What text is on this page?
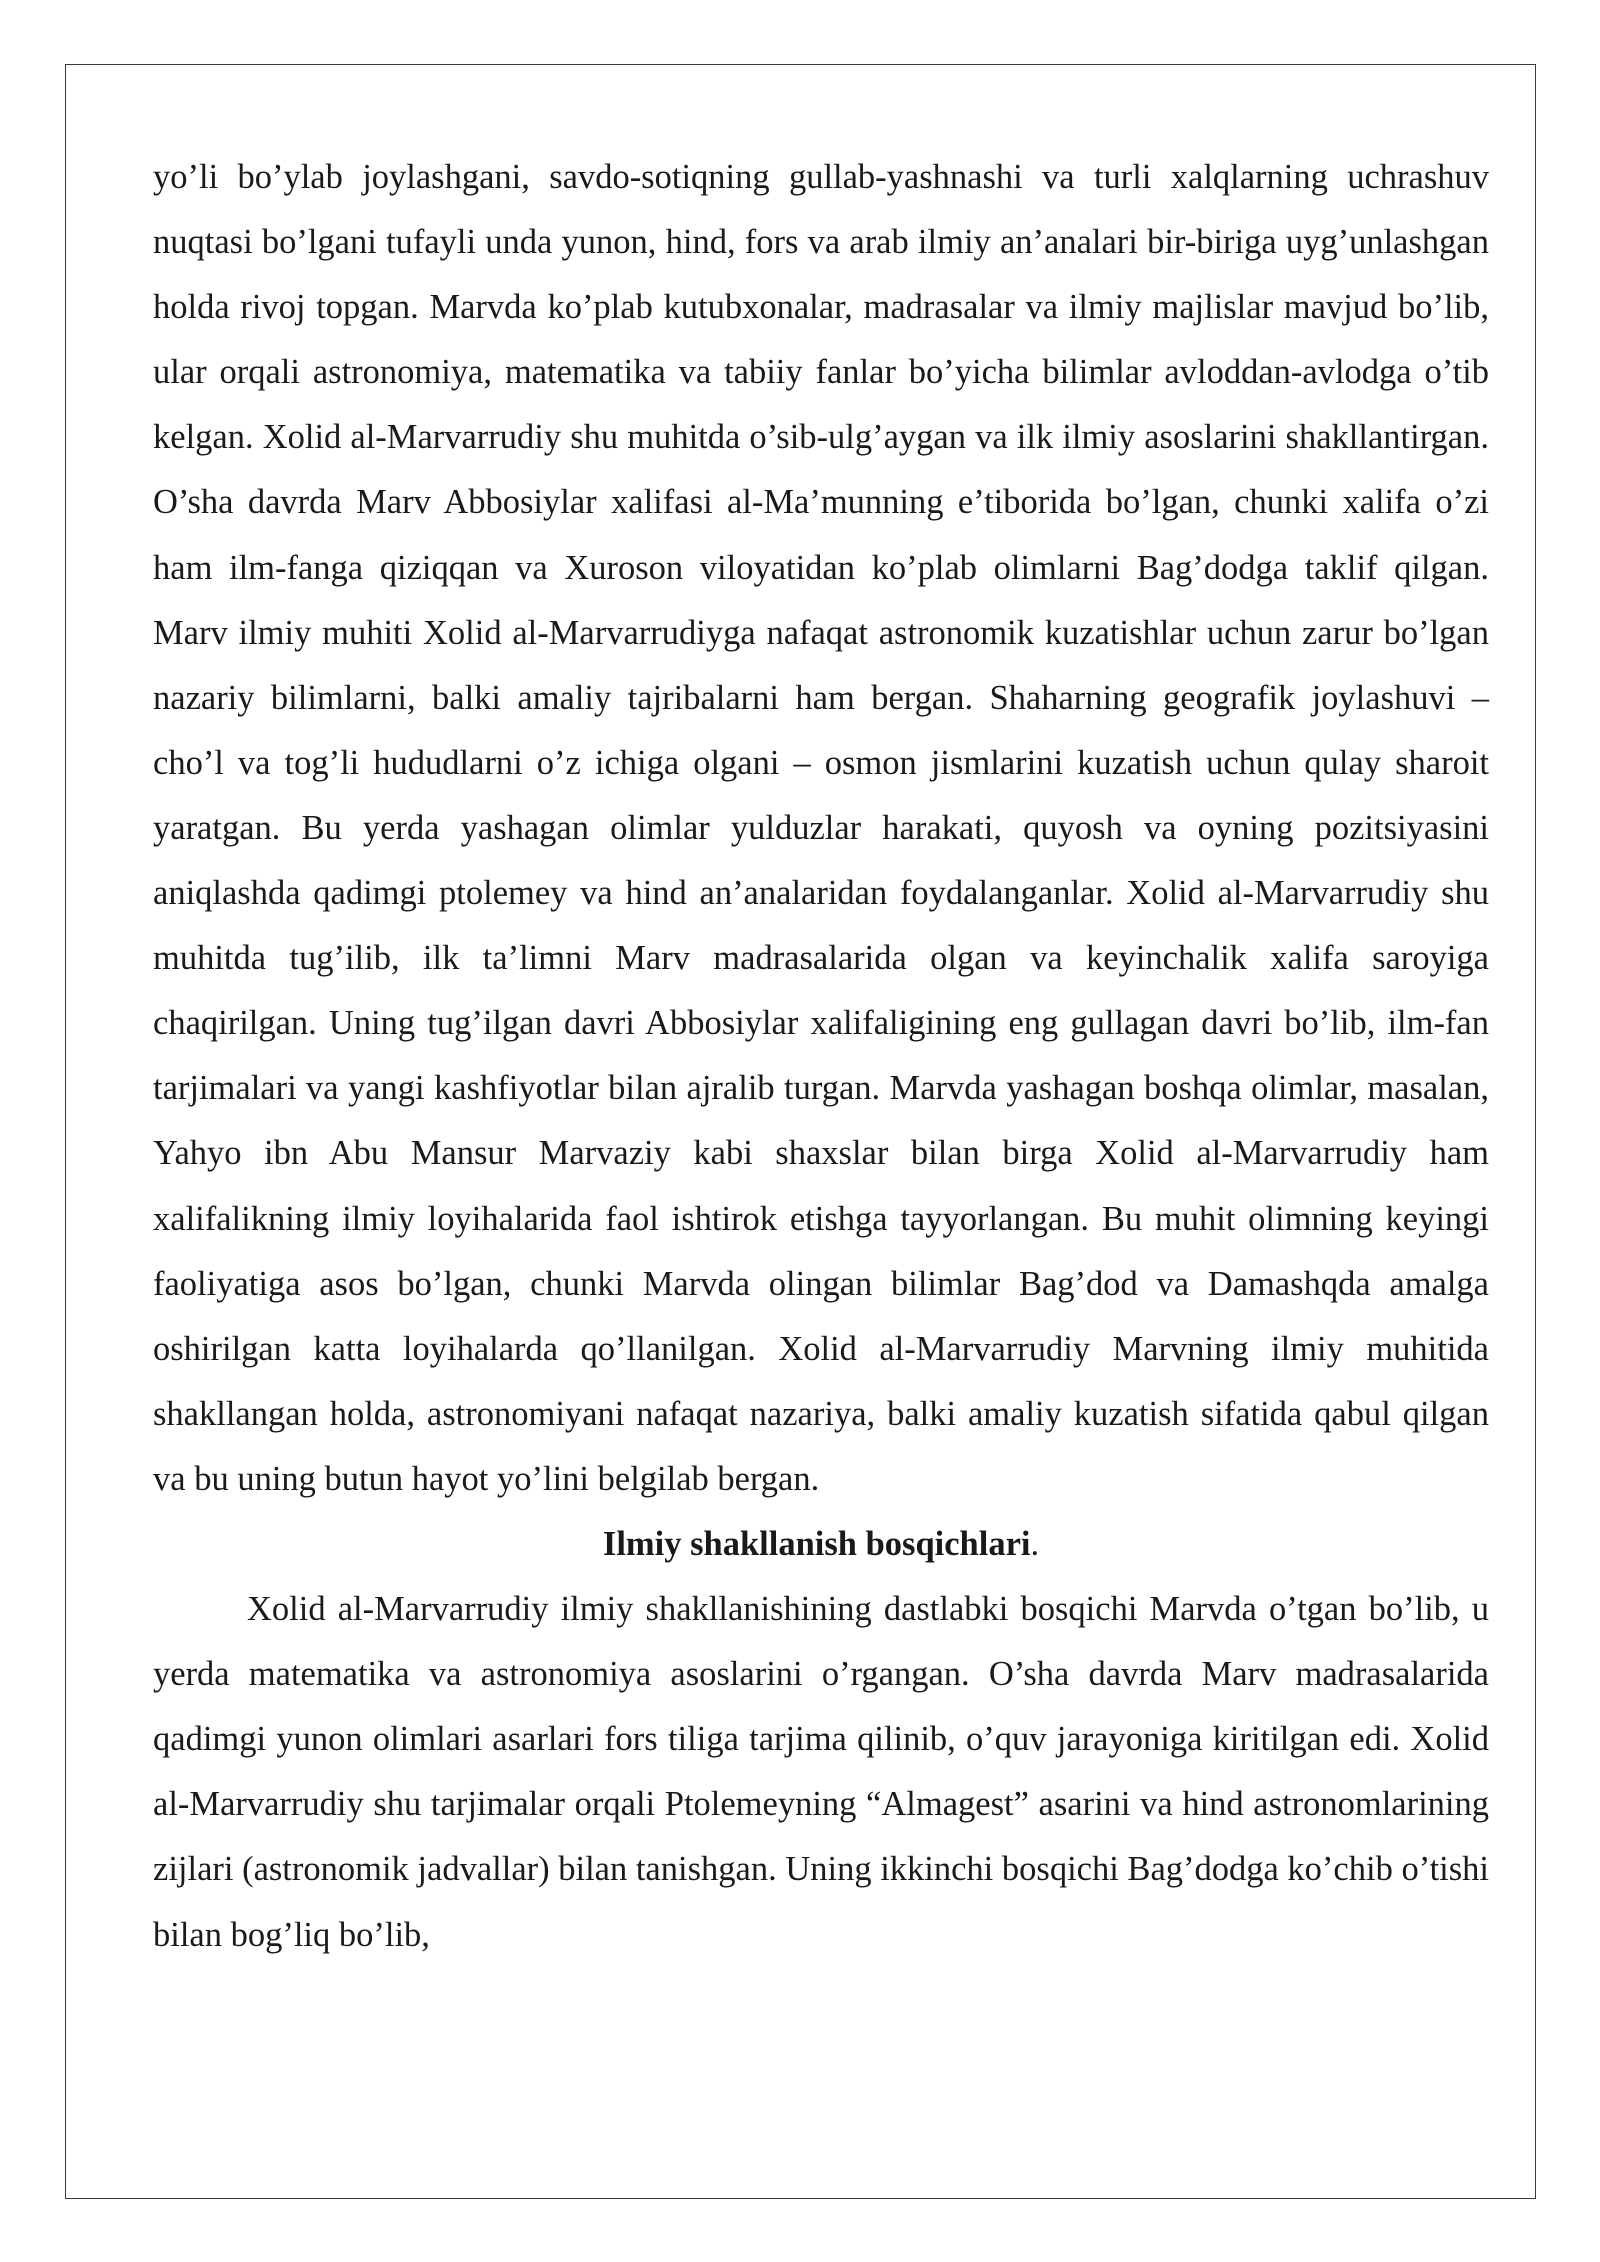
yo’li bo’ylab joylashgani, savdo-sotiqning gullab-yashnashi va turli xalqlarning uchrashuv nuqtasi bo’lgani tufayli unda yunon, hind, fors va arab ilmiy an’analari bir-biriga uyg’unlashgan holda rivoj topgan. Marvda ko’plab kutubxonalar, madrasalar va ilmiy majlislar mavjud bo’lib, ular orqali astronomiya, matematika va tabiiy fanlar bo’yicha bilimlar avloddan-avlodga o’tib kelgan. Xolid al-Marvarrudiy shu muhitda o’sib-ulg’aygan va ilk ilmiy asoslarini shakllantirgan. O’sha davrda Marv Abbosiylar xalifasi al-Ma’munning e’tiborida bo’lgan, chunki xalifa o’zi ham ilm-fanga qiziqqan va Xuroson viloyatidan ko’plab olimlarni Bag’dodga taklif qilgan. Marv ilmiy muhiti Xolid al-Marvarrudiyga nafaqat astronomik kuzatishlar uchun zarur bo’lgan nazariy bilimlarni, balki amaliy tajribalarni ham bergan. Shaharning geografik joylashuvi – cho’l va tog’li hududlarni o’z ichiga olgani – osmon jismlarini kuzatish uchun qulay sharoit yaratgan. Bu yerda yashagan olimlar yulduzlar harakati, quyosh va oyning pozitsiyasini aniqlashda qadimgi ptolemey va hind an’analaridan foydalanganlar. Xolid al-Marvarrudiy shu muhitda tug’ilib, ilk ta’limni Marv madrasalarida olgan va keyinchalik xalifa saroyiga chaqirilgan. Uning tug’ilgan davri Abbosiylar xalifaligining eng gullagan davri bo’lib, ilm-fan tarjimalari va yangi kashfiyotlar bilan ajralib turgan. Marvda yashagan boshqa olimlar, masalan, Yahyo ibn Abu Mansur Marvaziy kabi shaxslar bilan birga Xolid al-Marvarrudiy ham xalifalikning ilmiy loyihalarida faol ishtirok etishga tayyorlangan. Bu muhit olimning keyingi faoliyatiga asos bo’lgan, chunki Marvda olingan bilimlar Bag’dod va Damashqda amalga oshirilgan katta loyihalarda qo’llanilgan. Xolid al-Marvarrudiy Marvning ilmiy muhitida shakllangan holda, astronomiyani nafaqat nazariya, balki amaliy kuzatish sifatida qabul qilgan va bu uning butun hayot yo’lini belgilab bergan.

Ilmiy shakllanish bosqichlari.

Xolid al-Marvarrudiy ilmiy shakllanishining dastlabki bosqichi Marvda o’tgan bo’lib, u yerda matematika va astronomiya asoslarini o’rgangan. O’sha davrda Marv madrasalarida qadimgi yunon olimlari asarlari fors tiliga tarjima qilinib, o’quv jarayoniga kiritilgan edi. Xolid al-Marvarrudiy shu tarjimalar orqali Ptolemeyning “Almagest” asarini va hind astronomlarining zijlari (astronomik jadvallar) bilan tanishgan. Uning ikkinchi bosqichi Bag’dodga ko’chib o’tishi bilan bog’liq bo’lib,
